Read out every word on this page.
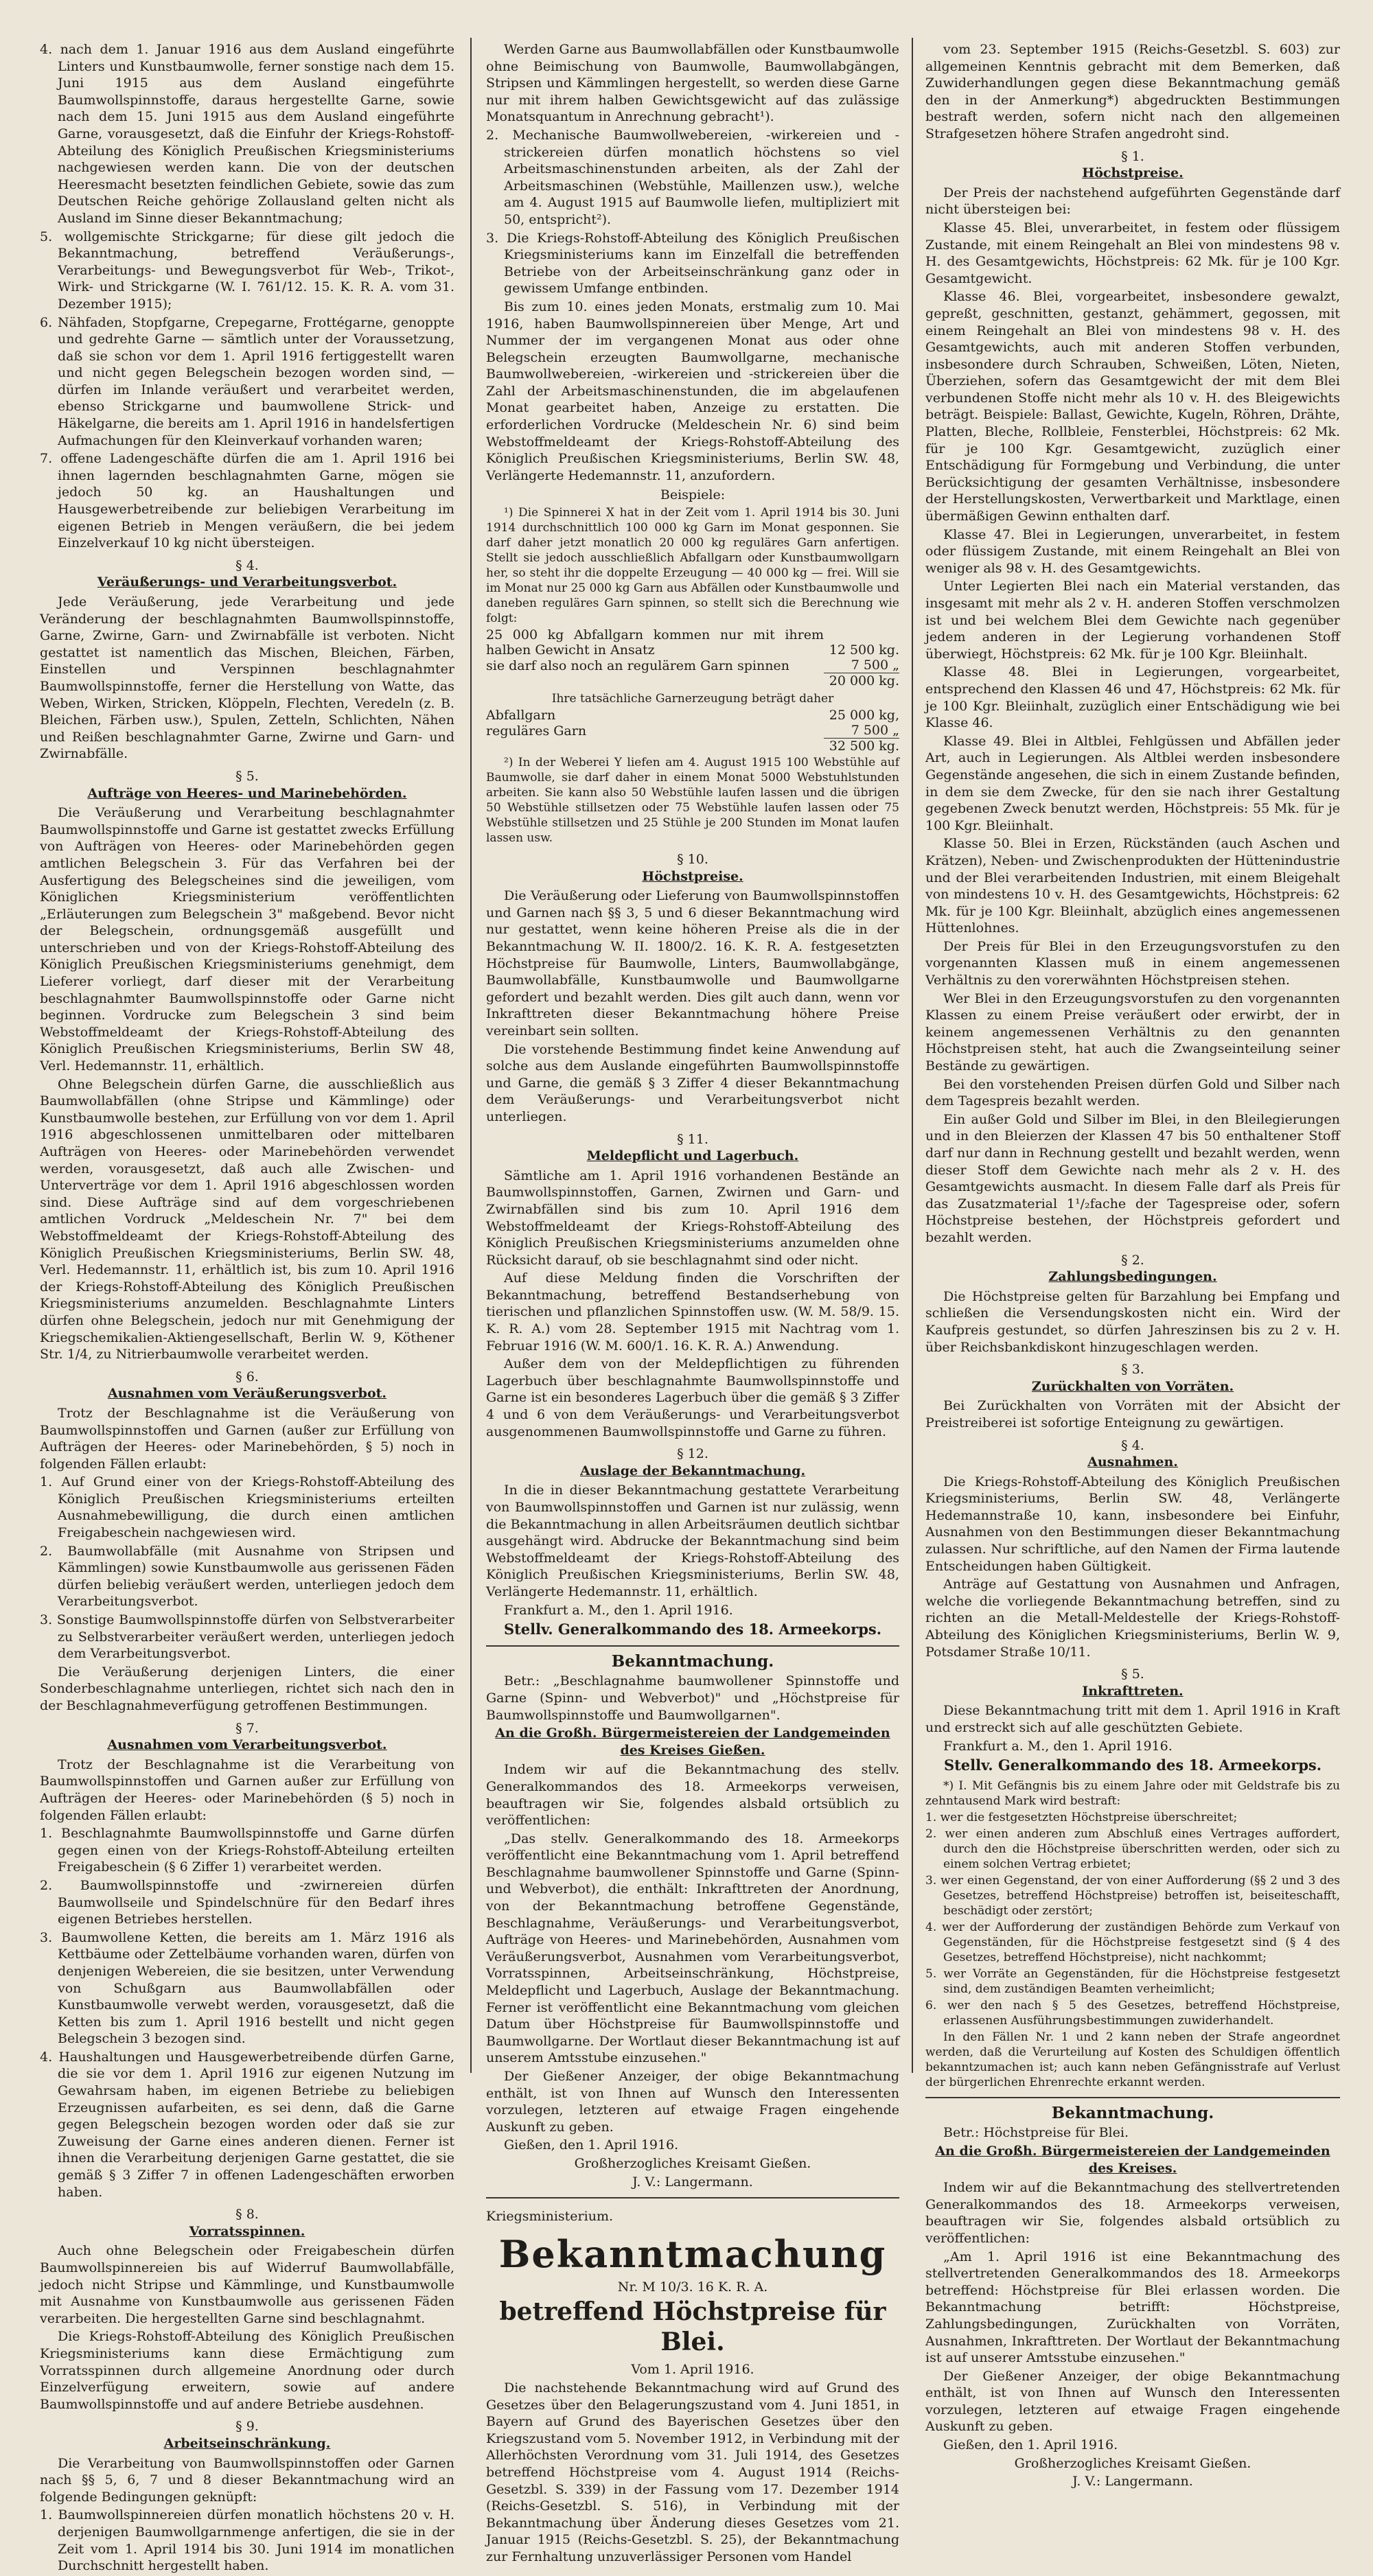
4. nach dem 1. Januar 1916 aus dem Ausland eingeführte Linters und Kunstbaumwolle, ferner sonstige nach dem 15. Juni 1915 aus dem Ausland eingeführte Baumwollspinnstoffe, daraus hergestellte Garne, sowie nach dem 15. Juni 1915 aus dem Ausland eingeführte Garne, vorausgesetzt, daß die Einfuhr der Kriegs-Rohstoff-Abteilung des Königlich Preußischen Kriegsministeriums nachgewiesen werden kann. Die von der deutschen Heeresmacht besetzten feindlichen Gebiete, sowie das zum Deutschen Reiche gehörige Zollausland gelten nicht als Ausland im Sinne dieser Bekanntmachung;

5. wollgemischte Strickgarne; für diese gilt jedoch die Bekanntmachung, betreffend Veräußerungs-, Verarbeitungs- und Bewegungsverbot für Web-, Trikot-, Wirk- und Strickgarne (W. I. 761/12. 15. K. R. A. vom 31. Dezember 1915);

6. Nähfaden, Stopfgarne, Crepegarne, Frottégarne, genoppte und gedrehte Garne — sämtlich unter der Voraussetzung, daß sie schon vor dem 1. April 1916 fertiggestellt waren und nicht gegen Belegschein bezogen worden sind, — dürfen im Inlande veräußert und verarbeitet werden, ebenso Strickgarne und baumwollene Strick- und Häkelgarne, die bereits am 1. April 1916 in handelsfertigen Aufmachungen für den Kleinverkauf vorhanden waren;

7. offene Ladengeschäfte dürfen die am 1. April 1916 bei ihnen lagernden beschlagnahmten Garne, mögen sie jedoch 50 kg. an Haushaltungen und Hausgewerbetreibende zur beliebigen Verarbeitung im eigenen Betrieb in Mengen veräußern, die bei jedem Einzelverkauf 10 kg nicht übersteigen.

§ 4.

Veräußerungs- und Verarbeitungsverbot.

Jede Veräußerung, jede Verarbeitung und jede Veränderung der beschlagnahmten Baumwollspinnstoffe, Garne, Zwirne, Garn- und Zwirnabfälle ist verboten. Nicht gestattet ist namentlich das Mischen, Bleichen, Färben, Einstellen und Verspinnen beschlagnahmter Baumwollspinnstoffe, ferner die Herstellung von Watte, das Weben, Wirken, Stricken, Klöppeln, Flechten, Veredeln (z. B. Bleichen, Färben usw.), Spulen, Zetteln, Schlichten, Nähen und Reißen beschlagnahmter Garne, Zwirne und Garn- und Zwirnabfälle.

§ 5.

Aufträge von Heeres- und Marinebehörden.

Die Veräußerung und Verarbeitung beschlagnahmter Baumwollspinnstoffe und Garne ist gestattet zwecks Erfüllung von Aufträgen von Heeres- oder Marinebehörden gegen amtlichen Belegschein 3. Für das Verfahren bei der Ausfertigung des Belegscheines sind die jeweiligen, vom Königlichen Kriegsministerium veröffentlichten „Erläuterungen zum Belegschein 3" maßgebend. Bevor nicht der Belegschein, ordnungsgemäß ausgefüllt und unterschrieben und von der Kriegs-Rohstoff-Abteilung des Königlich Preußischen Kriegsministeriums genehmigt, dem Lieferer vorliegt, darf dieser mit der Verarbeitung beschlagnahmter Baumwollspinnstoffe oder Garne nicht beginnen. Vordrucke zum Belegschein 3 sind beim Webstoffmeldeamt der Kriegs-Rohstoff-Abteilung des Königlich Preußischen Kriegsministeriums, Berlin SW 48, Verl. Hedemannstr. 11, erhältlich.

Ohne Belegschein dürfen Garne, die ausschließlich aus Baumwollabfällen (ohne Stripse und Kämmlinge) oder Kunstbaumwolle bestehen, zur Erfüllung von vor dem 1. April 1916 abgeschlossenen unmittelbaren oder mittelbaren Aufträgen von Heeres- oder Marinebehörden verwendet werden, vorausgesetzt, daß auch alle Zwischen- und Unterverträge vor dem 1. April 1916 abgeschlossen worden sind. Diese Aufträge sind auf dem vorgeschriebenen amtlichen Vordruck „Meldeschein Nr. 7" bei dem Webstoffmeldeamt der Kriegs-Rohstoff-Abteilung des Königlich Preußischen Kriegsministeriums, Berlin SW. 48, Verl. Hedemannstr. 11, erhältlich ist, bis zum 10. April 1916 der Kriegs-Rohstoff-Abteilung des Königlich Preußischen Kriegsministeriums anzumelden. Beschlagnahmte Linters dürfen ohne Belegschein, jedoch nur mit Genehmigung der Kriegschemikalien-Aktiengesellschaft, Berlin W. 9, Köthener Str. 1/4, zu Nitrierbaumwolle verarbeitet werden.

§ 6.

Ausnahmen vom Veräußerungsverbot.

Trotz der Beschlagnahme ist die Veräußerung von Baumwollspinnstoffen und Garnen (außer zur Erfüllung von Aufträgen der Heeres- oder Marinebehörden, § 5) noch in folgenden Fällen erlaubt:

1. Auf Grund einer von der Kriegs-Rohstoff-Abteilung des Königlich Preußischen Kriegsministeriums erteilten Ausnahmebewilligung, die durch einen amtlichen Freigabeschein nachgewiesen wird.

2. Baumwollabfälle (mit Ausnahme von Stripsen und Kämmlingen) sowie Kunstbaumwolle aus gerissenen Fäden dürfen beliebig veräußert werden, unterliegen jedoch dem Verarbeitungsverbot.

3. Sonstige Baumwollspinnstoffe dürfen von Selbstverarbeiter zu Selbstverarbeiter veräußert werden, unterliegen jedoch dem Verarbeitungsverbot.

Die Veräußerung derjenigen Linters, die einer Sonderbeschlagnahme unterliegen, richtet sich nach den in der Beschlagnahmeverfügung getroffenen Bestimmungen.

§ 7.

Ausnahmen vom Verarbeitungsverbot.

Trotz der Beschlagnahme ist die Verarbeitung von Baumwollspinnstoffen und Garnen außer zur Erfüllung von Aufträgen der Heeres- oder Marinebehörden (§ 5) noch in folgenden Fällen erlaubt:

1. Beschlagnahmte Baumwollspinnstoffe und Garne dürfen gegen einen von der Kriegs-Rohstoff-Abteilung erteilten Freigabeschein (§ 6 Ziffer 1) verarbeitet werden.

2. Baumwollspinnstoffe und -zwirnereien dürfen Baumwollseile und Spindelschnüre für den Bedarf ihres eigenen Betriebes herstellen.

3. Baumwollene Ketten, die bereits am 1. März 1916 als Kettbäume oder Zettelbäume vorhanden waren, dürfen von denjenigen Webereien, die sie besitzen, unter Verwendung von Schußgarn aus Baumwollabfällen oder Kunstbaumwolle verwebt werden, vorausgesetzt, daß die Ketten bis zum 1. April 1916 bestellt und nicht gegen Belegschein 3 bezogen sind.

4. Haushaltungen und Hausgewerbetreibende dürfen Garne, die sie vor dem 1. April 1916 zur eigenen Nutzung im Gewahrsam haben, im eigenen Betriebe zu beliebigen Erzeugnissen aufarbeiten, es sei denn, daß die Garne gegen Belegschein bezogen worden oder daß sie zur Zuweisung der Garne eines anderen dienen. Ferner ist ihnen die Verarbeitung derjenigen Garne gestattet, die sie gemäß § 3 Ziffer 7 in offenen Ladengeschäften erworben haben.

§ 8.

Vorratsspinnen.

Auch ohne Belegschein oder Freigabeschein dürfen Baumwollspinnereien bis auf Widerruf Baumwollabfälle, jedoch nicht Stripse und Kämmlinge, und Kunstbaumwolle mit Ausnahme von Kunstbaumwolle aus gerissenen Fäden verarbeiten. Die hergestellten Garne sind beschlagnahmt.

Die Kriegs-Rohstoff-Abteilung des Königlich Preußischen Kriegsministeriums kann diese Ermächtigung zum Vorratsspinnen durch allgemeine Anordnung oder durch Einzelverfügung erweitern, sowie auf andere Baumwollspinnstoffe und auf andere Betriebe ausdehnen.

§ 9.

Arbeitseinschränkung.

Die Verarbeitung von Baumwollspinnstoffen oder Garnen nach §§ 5, 6, 7 und 8 dieser Bekanntmachung wird an folgende Bedingungen geknüpft:

1. Baumwollspinnereien dürfen monatlich höchstens 20 v. H. derjenigen Baumwollgarnmenge anfertigen, die sie in der Zeit vom 1. April 1914 bis 30. Juni 1914 im monatlichen Durchschnitt hergestellt haben.

Werden Garne aus Baumwollabfällen oder Kunstbaumwolle ohne Beimischung von Baumwolle, Baumwollabgängen, Stripsen und Kämmlingen hergestellt, so werden diese Garne nur mit ihrem halben Gewichtsgewicht auf das zulässige Monatsquantum in Anrechnung gebracht¹).

2. Mechanische Baumwollwebereien, -wirkereien und -strickereien dürfen monatlich höchstens so viel Arbeitsmaschinenstunden arbeiten, als der Zahl der Arbeitsmaschinen (Webstühle, Maillenzen usw.), welche am 4. August 1915 auf Baumwolle liefen, multipliziert mit 50, entspricht²).

3. Die Kriegs-Rohstoff-Abteilung des Königlich Preußischen Kriegsministeriums kann im Einzelfall die betreffenden Betriebe von der Arbeitseinschränkung ganz oder in gewissem Umfange entbinden.

Bis zum 10. eines jeden Monats, erstmalig zum 10. Mai 1916, haben Baumwollspinnereien über Menge, Art und Nummer der im vergangenen Monat aus oder ohne Belegschein erzeugten Baumwollgarne, mechanische Baumwollwebereien, -wirkereien und -strickereien über die Zahl der Arbeitsmaschinenstunden, die im abgelaufenen Monat gearbeitet haben, Anzeige zu erstatten. Die erforderlichen Vordrucke (Meldeschein Nr. 6) sind beim Webstoffmeldeamt der Kriegs-Rohstoff-Abteilung des Königlich Preußischen Kriegsministeriums, Berlin SW. 48, Verlängerte Hedemannstr. 11, anzufordern.

Beispiele:

¹) Die Spinnerei X hat in der Zeit vom 1. April 1914 bis 30. Juni 1914 durchschnittlich 100 000 kg Garn im Monat gesponnen. Sie darf daher jetzt monatlich 20 000 kg reguläres Garn anfertigen. Stellt sie jedoch ausschließlich Abfallgarn oder Kunstbaumwollgarn her, so steht ihr die doppelte Erzeugung — 40 000 kg — frei. Will sie im Monat nur 25 000 kg Garn aus Abfällen oder Kunstbaumwolle und daneben reguläres Garn spinnen, so stellt sich die Berechnung wie folgt:

25 000 kg Abfallgarn kommen nur mit ihrem halben Gewicht in Ansatz	12 500 kg.
sie darf also noch an regulärem Garn spinnen	7 500 „
	20 000 kg.

Ihre tatsächliche Garnerzeugung beträgt daher

Abfallgarn	25 000 kg,
reguläres Garn	7 500 „
	32 500 kg.

²) In der Weberei Y liefen am 4. August 1915 100 Webstühle auf Baumwolle, sie darf daher in einem Monat 5000 Webstuhlstunden arbeiten. Sie kann also 50 Webstühle laufen lassen und die übrigen 50 Webstühle stillsetzen oder 75 Webstühle laufen lassen oder 75 Webstühle stillsetzen und 25 Stühle je 200 Stunden im Monat laufen lassen usw.

§ 10.

Höchstpreise.

Die Veräußerung oder Lieferung von Baumwollspinnstoffen und Garnen nach §§ 3, 5 und 6 dieser Bekanntmachung wird nur gestattet, wenn keine höheren Preise als die in der Bekanntmachung W. II. 1800/2. 16. K. R. A. festgesetzten Höchstpreise für Baumwolle, Linters, Baumwollabgänge, Baumwollabfälle, Kunstbaumwolle und Baumwollgarne gefordert und bezahlt werden. Dies gilt auch dann, wenn vor Inkrafttreten dieser Bekanntmachung höhere Preise vereinbart sein sollten.

Die vorstehende Bestimmung findet keine Anwendung auf solche aus dem Auslande eingeführten Baumwollspinnstoffe und Garne, die gemäß § 3 Ziffer 4 dieser Bekanntmachung dem Veräußerungs- und Verarbeitungsverbot nicht unterliegen.

§ 11.

Meldepflicht und Lagerbuch.

Sämtliche am 1. April 1916 vorhandenen Bestände an Baumwollspinnstoffen, Garnen, Zwirnen und Garn- und Zwirnabfällen sind bis zum 10. April 1916 dem Webstoffmeldeamt der Kriegs-Rohstoff-Abteilung des Königlich Preußischen Kriegsministeriums anzumelden ohne Rücksicht darauf, ob sie beschlagnahmt sind oder nicht.

Auf diese Meldung finden die Vorschriften der Bekanntmachung, betreffend Bestandserhebung von tierischen und pflanzlichen Spinnstoffen usw. (W. M. 58/9. 15. K. R. A.) vom 28. September 1915 mit Nachtrag vom 1. Februar 1916 (W. M. 600/1. 16. K. R. A.) Anwendung.

Außer dem von der Meldepflichtigen zu führenden Lagerbuch über beschlagnahmte Baumwollspinnstoffe und Garne ist ein besonderes Lagerbuch über die gemäß § 3 Ziffer 4 und 6 von dem Veräußerungs- und Verarbeitungsverbot ausgenommenen Baumwollspinnstoffe und Garne zu führen.

§ 12.

Auslage der Bekanntmachung.

In die in dieser Bekanntmachung gestattete Verarbeitung von Baumwollspinnstoffen und Garnen ist nur zulässig, wenn die Bekanntmachung in allen Arbeitsräumen deutlich sichtbar ausgehängt wird. Abdrucke der Bekanntmachung sind beim Webstoffmeldeamt der Kriegs-Rohstoff-Abteilung des Königlich Preußischen Kriegsministeriums, Berlin SW. 48, Verlängerte Hedemannstr. 11, erhältlich.

Frankfurt a. M., den 1. April 1916.

Stellv. Generalkommando des 18. Armeekorps.

Bekanntmachung.

Betr.: „Beschlagnahme baumwollener Spinnstoffe und Garne (Spinn- und Webverbot)" und „Höchstpreise für Baumwollspinnstoffe und Baumwollgarnen".

An die Großh. Bürgermeistereien der Landgemeinden des Kreises Gießen.

Indem wir auf die Bekanntmachung des stellv. Generalkommandos des 18. Armeekorps verweisen, beauftragen wir Sie, folgendes alsbald ortsüblich zu veröffentlichen:

„Das stellv. Generalkommando des 18. Armeekorps veröffentlicht eine Bekanntmachung vom 1. April betreffend Beschlagnahme baumwollener Spinnstoffe und Garne (Spinn- und Webverbot), die enthält: Inkrafttreten der Anordnung, von der Bekanntmachung betroffene Gegenstände, Beschlagnahme, Veräußerungs- und Verarbeitungsverbot, Aufträge von Heeres- und Marinebehörden, Ausnahmen vom Veräußerungsverbot, Ausnahmen vom Verarbeitungsverbot, Vorratsspinnen, Arbeitseinschränkung, Höchstpreise, Meldepflicht und Lagerbuch, Auslage der Bekanntmachung. Ferner ist veröffentlicht eine Bekanntmachung vom gleichen Datum über Höchstpreise für Baumwollspinnstoffe und Baumwollgarne. Der Wortlaut dieser Bekanntmachung ist auf unserem Amtsstube einzusehen."

Der Gießener Anzeiger, der obige Bekanntmachung enthält, ist von Ihnen auf Wunsch den Interessenten vorzulegen, letzteren auf etwaige Fragen eingehende Auskunft zu geben.

Gießen, den 1. April 1916.

Großherzogliches Kreisamt Gießen.

J. V.: Langermann.

Kriegsministerium.

Bekanntmachung

Nr. M 10/3. 16 K. R. A.

betreffend Höchstpreise für Blei.

Vom 1. April 1916.

Die nachstehende Bekanntmachung wird auf Grund des Gesetzes über den Belagerungszustand vom 4. Juni 1851, in Bayern auf Grund des Bayerischen Gesetzes über den Kriegszustand vom 5. November 1912, in Verbindung mit der Allerhöchsten Verordnung vom 31. Juli 1914, des Gesetzes betreffend Höchstpreise vom 4. August 1914 (Reichs-Gesetzbl. S. 339) in der Fassung vom 17. Dezember 1914 (Reichs-Gesetzbl. S. 516), in Verbindung mit der Bekanntmachung über Änderung dieses Gesetzes vom 21. Januar 1915 (Reichs-Gesetzbl. S. 25), der Bekanntmachung zur Fernhaltung unzuverlässiger Personen vom Handel

vom 23. September 1915 (Reichs-Gesetzbl. S. 603) zur allgemeinen Kenntnis gebracht mit dem Bemerken, daß Zuwiderhandlungen gegen diese Bekanntmachung gemäß den in der Anmerkung*) abgedruckten Bestimmungen bestraft werden, sofern nicht nach den allgemeinen Strafgesetzen höhere Strafen angedroht sind.

§ 1.

Höchstpreise.

Der Preis der nachstehend aufgeführten Gegenstände darf nicht übersteigen bei:

Klasse 45. Blei, unverarbeitet, in festem oder flüssigem Zustande, mit einem Reingehalt an Blei von mindestens 98 v. H. des Gesamtgewichts, Höchstpreis: 62 Mk. für je 100 Kgr. Gesamtgewicht.

Klasse 46. Blei, vorgearbeitet, insbesondere gewalzt, gepreßt, geschnitten, gestanzt, gehämmert, gegossen, mit einem Reingehalt an Blei von mindestens 98 v. H. des Gesamtgewichts, auch mit anderen Stoffen verbunden, insbesondere durch Schrauben, Schweißen, Löten, Nieten, Überziehen, sofern das Gesamtgewicht der mit dem Blei verbundenen Stoffe nicht mehr als 10 v. H. des Bleigewichts beträgt. Beispiele: Ballast, Gewichte, Kugeln, Röhren, Drähte, Platten, Bleche, Rollbleie, Fensterblei, Höchstpreis: 62 Mk. für je 100 Kgr. Gesamtgewicht, zuzüglich einer Entschädigung für Formgebung und Verbindung, die unter Berücksichtigung der gesamten Verhältnisse, insbesondere der Herstellungskosten, Verwertbarkeit und Marktlage, einen übermäßigen Gewinn enthalten darf.

Klasse 47. Blei in Legierungen, unverarbeitet, in festem oder flüssigem Zustande, mit einem Reingehalt an Blei von weniger als 98 v. H. des Gesamtgewichts.

Unter Legierten Blei nach ein Material verstanden, das insgesamt mit mehr als 2 v. H. anderen Stoffen verschmolzen ist und bei welchem Blei dem Gewichte nach gegenüber jedem anderen in der Legierung vorhandenen Stoff überwiegt, Höchstpreis: 62 Mk. für je 100 Kgr. Bleiinhalt.

Klasse 48. Blei in Legierungen, vorgearbeitet, entsprechend den Klassen 46 und 47, Höchstpreis: 62 Mk. für je 100 Kgr. Bleiinhalt, zuzüglich einer Entschädigung wie bei Klasse 46.

Klasse 49. Blei in Altblei, Fehlgüssen und Abfällen jeder Art, auch in Legierungen. Als Altblei werden insbesondere Gegenstände angesehen, die sich in einem Zustande befinden, in dem sie dem Zwecke, für den sie nach ihrer Gestaltung gegebenen Zweck benutzt werden, Höchstpreis: 55 Mk. für je 100 Kgr. Bleiinhalt.

Klasse 50. Blei in Erzen, Rückständen (auch Aschen und Krätzen), Neben- und Zwischenprodukten der Hüttenindustrie und der Blei verarbeitenden Industrien, mit einem Bleigehalt von mindestens 10 v. H. des Gesamtgewichts, Höchstpreis: 62 Mk. für je 100 Kgr. Bleiinhalt, abzüglich eines angemessenen Hüttenlohnes.

Der Preis für Blei in den Erzeugungsvorstufen zu den vorgenannten Klassen muß in einem angemessenen Verhältnis zu den vorerwähnten Höchstpreisen stehen.

Wer Blei in den Erzeugungsvorstufen zu den vorgenannten Klassen zu einem Preise veräußert oder erwirbt, der in keinem angemessenen Verhältnis zu den genannten Höchstpreisen steht, hat auch die Zwangseinteilung seiner Bestände zu gewärtigen.

Bei den vorstehenden Preisen dürfen Gold und Silber nach dem Tagespreis bezahlt werden.

Ein außer Gold und Silber im Blei, in den Bleilegierungen und in den Bleierzen der Klassen 47 bis 50 enthaltener Stoff darf nur dann in Rechnung gestellt und bezahlt werden, wenn dieser Stoff dem Gewichte nach mehr als 2 v. H. des Gesamtgewichts ausmacht. In diesem Falle darf als Preis für das Zusatzmaterial 1¹/₂fache der Tagespreise oder, sofern Höchstpreise bestehen, der Höchstpreis gefordert und bezahlt werden.

§ 2.

Zahlungsbedingungen.

Die Höchstpreise gelten für Barzahlung bei Empfang und schließen die Versendungskosten nicht ein. Wird der Kaufpreis gestundet, so dürfen Jahreszinsen bis zu 2 v. H. über Reichsbankdiskont hinzugeschlagen werden.

§ 3.

Zurückhalten von Vorräten.

Bei Zurückhalten von Vorräten mit der Absicht der Preistreiberei ist sofortige Enteignung zu gewärtigen.

§ 4.

Ausnahmen.

Die Kriegs-Rohstoff-Abteilung des Königlich Preußischen Kriegsministeriums, Berlin SW. 48, Verlängerte Hedemannstraße 10, kann, insbesondere bei Einfuhr, Ausnahmen von den Bestimmungen dieser Bekanntmachung zulassen. Nur schriftliche, auf den Namen der Firma lautende Entscheidungen haben Gültigkeit.

Anträge auf Gestattung von Ausnahmen und Anfragen, welche die vorliegende Bekanntmachung betreffen, sind zu richten an die Metall-Meldestelle der Kriegs-Rohstoff-Abteilung des Königlichen Kriegsministeriums, Berlin W. 9, Potsdamer Straße 10/11.

§ 5.

Inkrafttreten.

Diese Bekanntmachung tritt mit dem 1. April 1916 in Kraft und erstreckt sich auf alle geschützten Gebiete.

Frankfurt a. M., den 1. April 1916.

Stellv. Generalkommando des 18. Armeekorps.

*) I. Mit Gefängnis bis zu einem Jahre oder mit Geldstrafe bis zu zehntausend Mark wird bestraft:

1. wer die festgesetzten Höchstpreise überschreitet;

2. wer einen anderen zum Abschluß eines Vertrages auffordert, durch den die Höchstpreise überschritten werden, oder sich zu einem solchen Vertrag erbietet;

3. wer einen Gegenstand, der von einer Aufforderung (§§ 2 und 3 des Gesetzes, betreffend Höchstpreise) betroffen ist, beiseiteschafft, beschädigt oder zerstört;

4. wer der Aufforderung der zuständigen Behörde zum Verkauf von Gegenständen, für die Höchstpreise festgesetzt sind (§ 4 des Gesetzes, betreffend Höchstpreise), nicht nachkommt;

5. wer Vorräte an Gegenständen, für die Höchstpreise festgesetzt sind, dem zuständigen Beamten verheimlicht;

6. wer den nach § 5 des Gesetzes, betreffend Höchstpreise, erlassenen Ausführungsbestimmungen zuwiderhandelt.

In den Fällen Nr. 1 und 2 kann neben der Strafe angeordnet werden, daß die Verurteilung auf Kosten des Schuldigen öffentlich bekanntzumachen ist; auch kann neben Gefängnisstrafe auf Verlust der bürgerlichen Ehrenrechte erkannt werden.

Bekanntmachung.

Betr.: Höchstpreise für Blei.

An die Großh. Bürgermeistereien der Landgemeinden des Kreises.

Indem wir auf die Bekanntmachung des stellvertretenden Generalkommandos des 18. Armeekorps verweisen, beauftragen wir Sie, folgendes alsbald ortsüblich zu veröffentlichen:

„Am 1. April 1916 ist eine Bekanntmachung des stellvertretenden Generalkommandos des 18. Armeekorps betreffend: Höchstpreise für Blei erlassen worden. Die Bekanntmachung betrifft: Höchstpreise, Zahlungsbedingungen, Zurückhalten von Vorräten, Ausnahmen, Inkrafttreten. Der Wortlaut der Bekanntmachung ist auf unserer Amtsstube einzusehen."

Der Gießener Anzeiger, der obige Bekanntmachung enthält, ist von Ihnen auf Wunsch den Interessenten vorzulegen, letzteren auf etwaige Fragen eingehende Auskunft zu geben.

Gießen, den 1. April 1916.

Großherzogliches Kreisamt Gießen.

J. V.: Langermann.
